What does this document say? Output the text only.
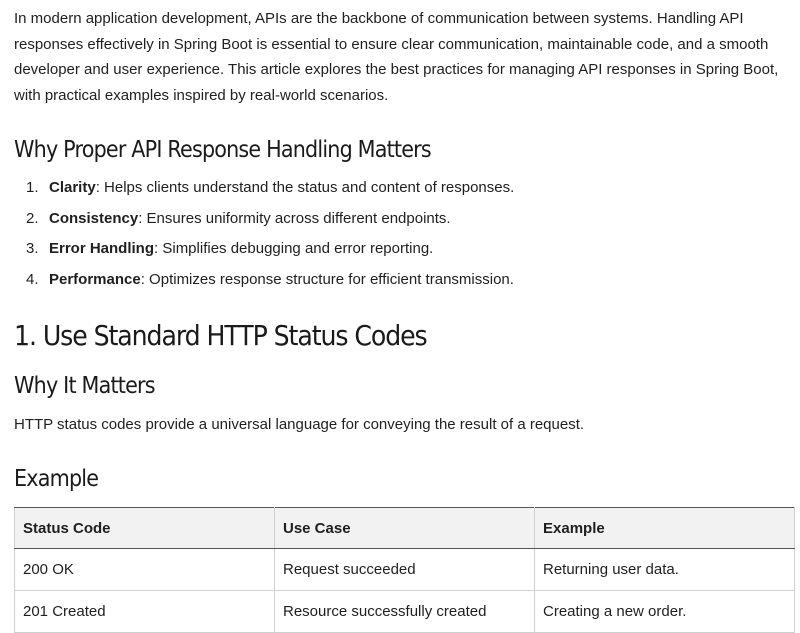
In modern application development, APIs are the backbone of communication between systems. Handling API responses effectively in Spring Boot is essential to ensure clear communication, maintainable code, and a smooth developer and user experience. This article explores the best practices for managing API responses in Spring Boot, with practical examples inspired by real-world scenarios.

Why Proper API Response Handling Matters
1. Clarity: Helps clients understand the status and content of responses.
2. Consistency: Ensures uniformity across different endpoints.
3. Error Handling: Simplifies debugging and error reporting.
4. Performance: Optimizes response structure for efficient transmission.
1. Use Standard HTTP Status Codes
Why It Matters

HTTP status codes provide a universal language for conveying the result of a request.

Example
Status Code	Use Case	Example
200 OK	Request succeeded	Returning user data.
201 Created	Resource successfully created	Creating a new order.
